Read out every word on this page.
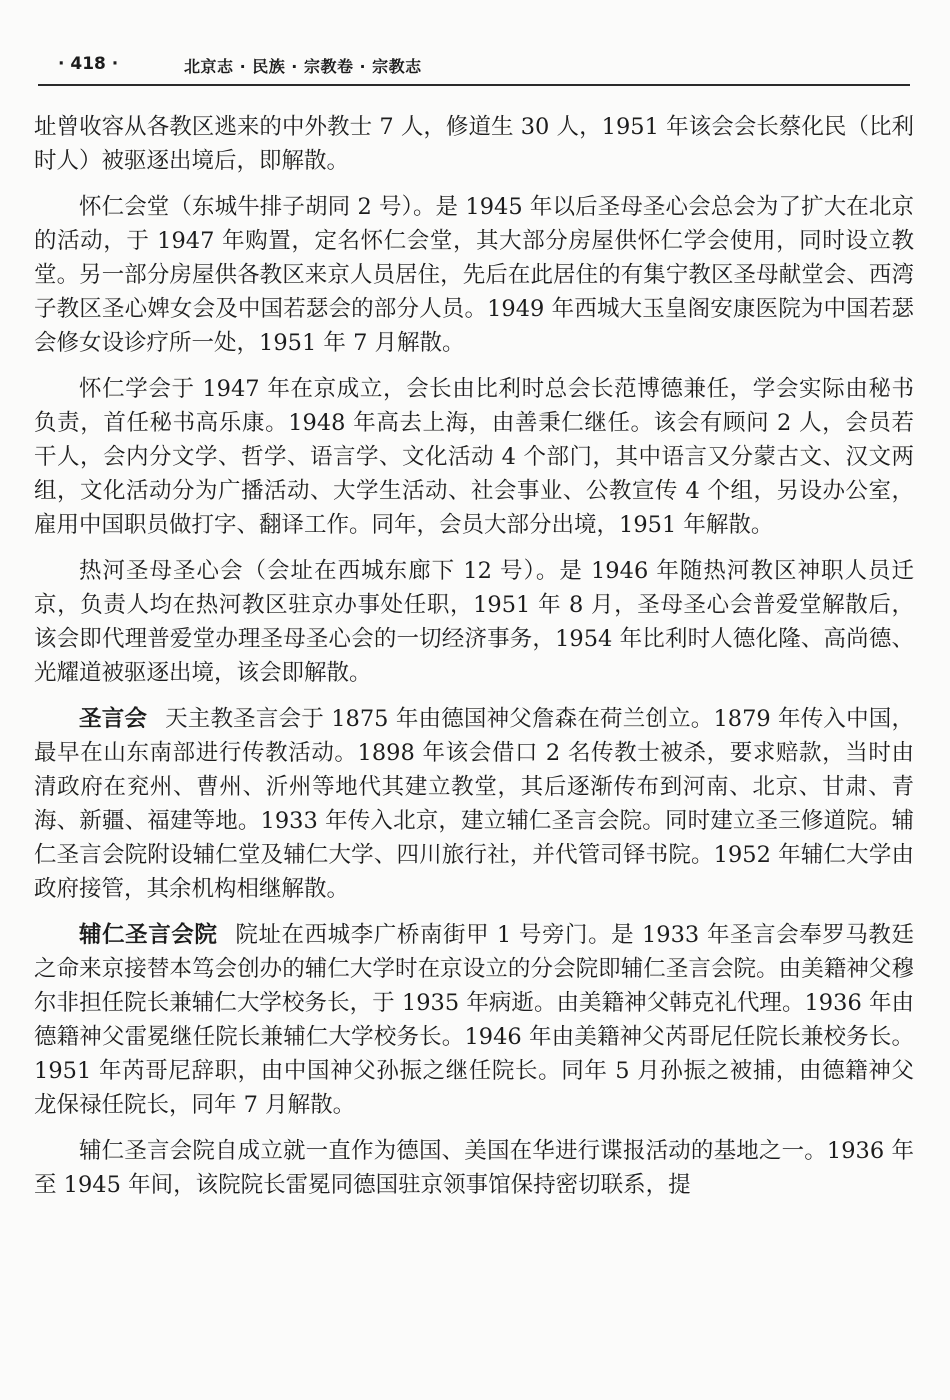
· 418 ·	北京志 · 民族 · 宗教卷 · 宗教志

址曾收容从各教区逃来的中外教士 7 人，修道生 30 人，1951 年该会会长蔡化民（比利时人）被驱逐出境后，即解散。

怀仁会堂（东城牛排子胡同 2 号）。是 1945 年以后圣母圣心会总会为了扩大在北京的活动，于 1947 年购置，定名怀仁会堂，其大部分房屋供怀仁学会使用，同时设立教堂。另一部分房屋供各教区来京人员居住，先后在此居住的有集宁教区圣母献堂会、西湾子教区圣心婢女会及中国若瑟会的部分人员。1949 年西城大玉皇阁安康医院为中国若瑟会修女设诊疗所一处，1951 年 7 月解散。

怀仁学会于 1947 年在京成立，会长由比利时总会长范博德兼任，学会实际由秘书负责，首任秘书高乐康。1948 年高去上海，由善秉仁继任。该会有顾问 2 人，会员若干人，会内分文学、哲学、语言学、文化活动 4 个部门，其中语言又分蒙古文、汉文两组，文化活动分为广播活动、大学生活动、社会事业、公教宣传 4 个组，另设办公室，雇用中国职员做打字、翻译工作。同年，会员大部分出境，1951 年解散。

热河圣母圣心会（会址在西城东廊下 12 号）。是 1946 年随热河教区神职人员迁京，负责人均在热河教区驻京办事处任职，1951 年 8 月，圣母圣心会普爱堂解散后，该会即代理普爱堂办理圣母圣心会的一切经济事务，1954 年比利时人德化隆、高尚德、光耀道被驱逐出境，该会即解散。

圣言会 天主教圣言会于 1875 年由德国神父詹森在荷兰创立。1879 年传入中国，最早在山东南部进行传教活动。1898 年该会借口 2 名传教士被杀，要求赔款，当时由清政府在兖州、曹州、沂州等地代其建立教堂，其后逐渐传布到河南、北京、甘肃、青海、新疆、福建等地。1933 年传入北京，建立辅仁圣言会院。同时建立圣三修道院。辅仁圣言会院附设辅仁堂及辅仁大学、四川旅行社，并代管司铎书院。1952 年辅仁大学由政府接管，其余机构相继解散。

辅仁圣言会院 院址在西城李广桥南街甲 1 号旁门。是 1933 年圣言会奉罗马教廷之命来京接替本笃会创办的辅仁大学时在京设立的分会院即辅仁圣言会院。由美籍神父穆尔非担任院长兼辅仁大学校务长，于 1935 年病逝。由美籍神父韩克礼代理。1936 年由德籍神父雷冕继任院长兼辅仁大学校务长。1946 年由美籍神父芮哥尼任院长兼校务长。1951 年芮哥尼辞职，由中国神父孙振之继任院长。同年 5 月孙振之被捕，由德籍神父龙保禄任院长，同年 7 月解散。

辅仁圣言会院自成立就一直作为德国、美国在华进行谍报活动的基地之一。1936 年至 1945 年间，该院院长雷冕同德国驻京领事馆保持密切联系，提
